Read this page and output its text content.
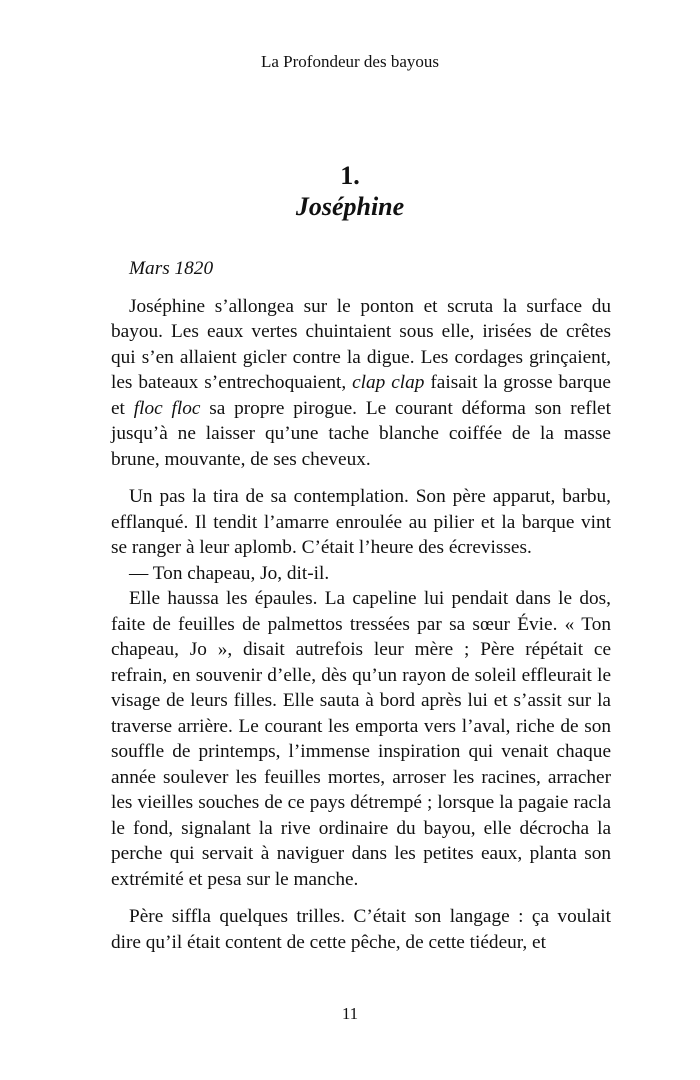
La Profondeur des bayous
1.
Joséphine
Mars 1820

Joséphine s’allongea sur le ponton et scruta la surface du bayou. Les eaux vertes chuintaient sous elle, irisées de crêtes qui s’en allaient gicler contre la digue. Les cordages grinçaient, les bateaux s’entrechoquaient, clap clap faisait la grosse barque et floc floc sa propre pirogue. Le courant déforma son reflet jusqu’à ne laisser qu’une tache blanche coiffée de la masse brune, mouvante, de ses cheveux.

Un pas la tira de sa contemplation. Son père apparut, barbu, efflanqué. Il tendit l’amarre enroulée au pilier et la barque vint se ranger à leur aplomb. C’était l’heure des écrevisses.

— Ton chapeau, Jo, dit-il.

Elle haussa les épaules. La capeline lui pendait dans le dos, faite de feuilles de palmettos tressées par sa sœur Évie. « Ton chapeau, Jo », disait autrefois leur mère ; Père répétait ce refrain, en souvenir d’elle, dès qu’un rayon de soleil effleurait le visage de leurs filles. Elle sauta à bord après lui et s’assit sur la traverse arrière. Le courant les emporta vers l’aval, riche de son souffle de printemps, l’immense inspiration qui venait chaque année soulever les feuilles mortes, arroser les racines, arracher les vieilles souches de ce pays détrempé ; lorsque la pagaie racla le fond, signalant la rive ordinaire du bayou, elle décrocha la perche qui servait à naviguer dans les petites eaux, planta son extrémité et pesa sur le manche.

Père siffla quelques trilles. C’était son langage : ça voulait dire qu’il était content de cette pêche, de cette tiédeur, et

11
